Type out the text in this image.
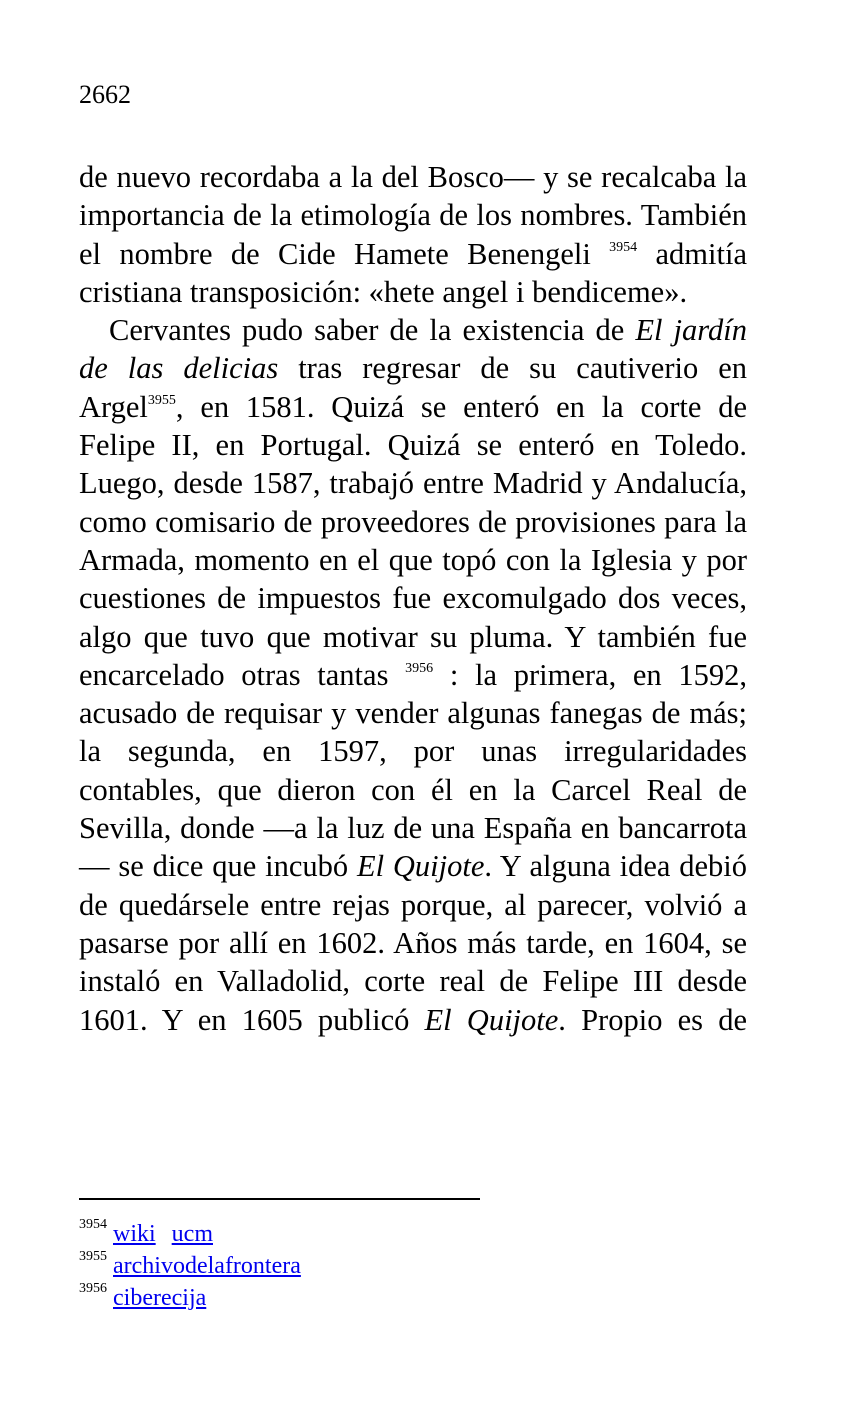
2662

de nuevo recordaba a la del Bosco— y se recalcaba la importancia de la etimología de los nombres. También el nombre de Cide Hamete Benengeli $^{3954}$ admitía cristiana transposición: «hete angel i bendiceme».

Cervantes pudo saber de la existencia de El jardín de las delicias tras regresar de su cautiverio en Argel$^{3955}$, en 1581. Quizá se enteró en la corte de Felipe II, en Portugal. Quizá se enteró en Toledo. Luego, desde 1587, trabajó entre Madrid y Andalucía, como comisario de proveedores de provisiones para la Armada, momento en el que topó con la Iglesia y por cuestiones de impuestos fue excomulgado dos veces, algo que tuvo que motivar su pluma. Y también fue encarcelado otras tantas $^{3956}$ : la primera, en 1592, acusado de requisar y vender algunas fanegas de más; la segunda, en 1597, por unas irregularidades contables, que dieron con él en la Carcel Real de Sevilla, donde —a la luz de una España en bancarrota— se dice que incubó El Quijote. Y alguna idea debió de quedársele entre rejas porque, al parecer, volvió a pasarse por allí en 1602. Años más tarde, en 1604, se instaló en Valladolid, corte real de Felipe III desde 1601. Y en 1605 publicó El Quijote. Propio es de

$^{3954}$ wiki ucm
$^{3955}$ archivodelafrontera
$^{3956}$ ciberecija
